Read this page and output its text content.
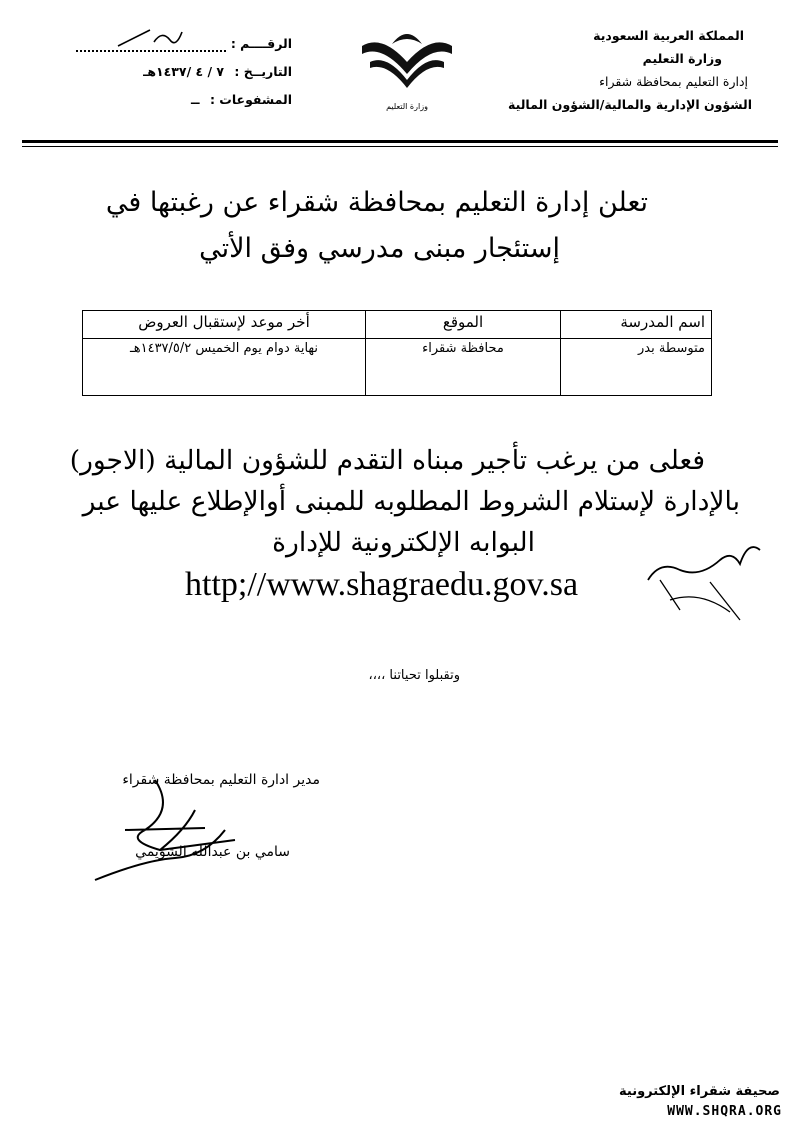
المملكة العربية السعودية
وزارة التعليم
إدارة التعليم بمحافظة شقراء
الشؤون الإدارية والمالية/الشؤون المالية
وزارة التعليم
الرقــــم :
التاريــخ : ٧ / ٤ /١٤٣٧هـ
المشفوعات : ــ
تعلن إدارة التعليم بمحافظة شقراء عن رغبتها في
إستئجار مبنى مدرسي وفق الأتي
اسم المدرسة	الموقع	أخر موعد لإستقبال العروض
متوسطة بدر	محافظة شقراء	نهاية دوام يوم الخميس ١٤٣٧/٥/٢هـ
فعلى من يرغب تأجير مبناه التقدم للشؤون المالية (الاجور)
بالإدارة لإستلام الشروط المطلوبه للمبنى أوالإطلاع عليها عبر
البوابه الإلكترونية للإدارة
http;//www.shagraedu.gov.sa
وتقبلوا تحياتنا ،،،،
مدير ادارة التعليم بمحافظة شقراء
سامي بن عبدالله الشويمي
صحيفة شقراء الإلكترونية
WWW.SHQRA.ORG
